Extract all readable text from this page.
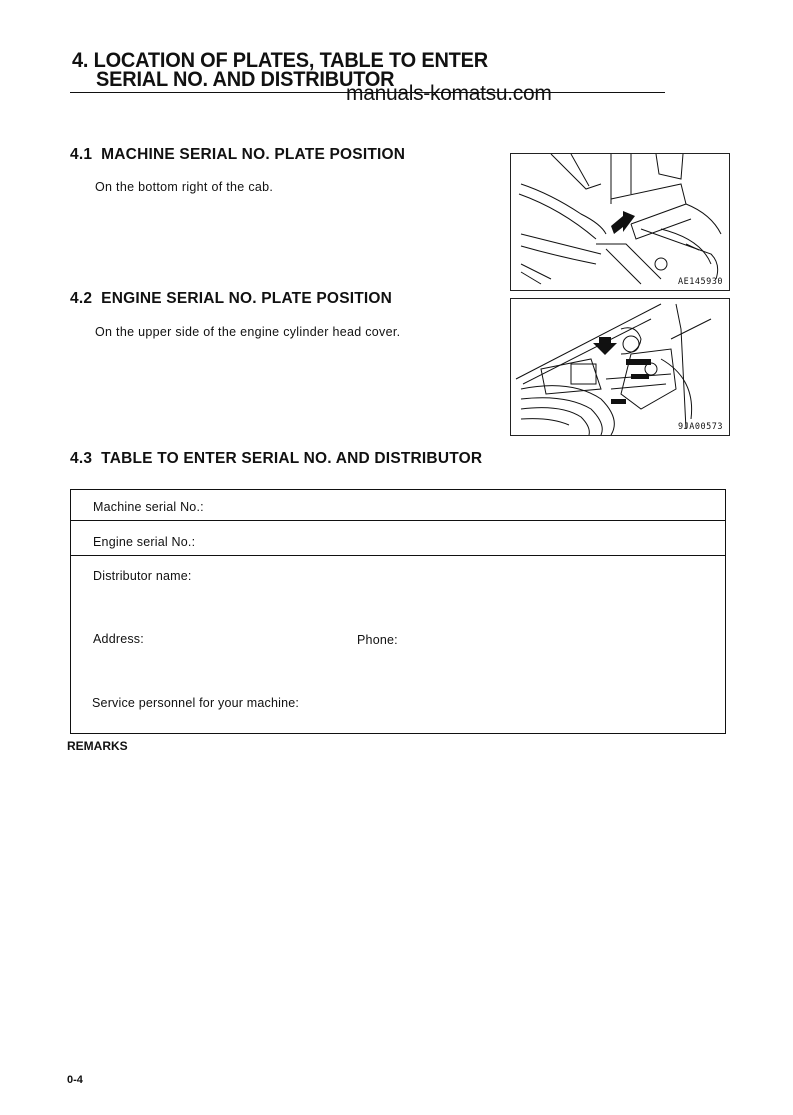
4. LOCATION OF PLATES, TABLE TO ENTER
SERIAL NO. AND DISTRIBUTOR
manuals-komatsu.com
4.1 MACHINE SERIAL NO. PLATE POSITION
On the bottom right of the cab.
AE145930
4.2 ENGINE SERIAL NO. PLATE POSITION
On the upper side of the engine cylinder head cover.
9JA00573
4.3 TABLE TO ENTER SERIAL NO. AND DISTRIBUTOR
Machine serial No.:
Engine serial No.:
Distributor name:
Address:	Phone:
Service personnel for your machine:
REMARKS
0-4
